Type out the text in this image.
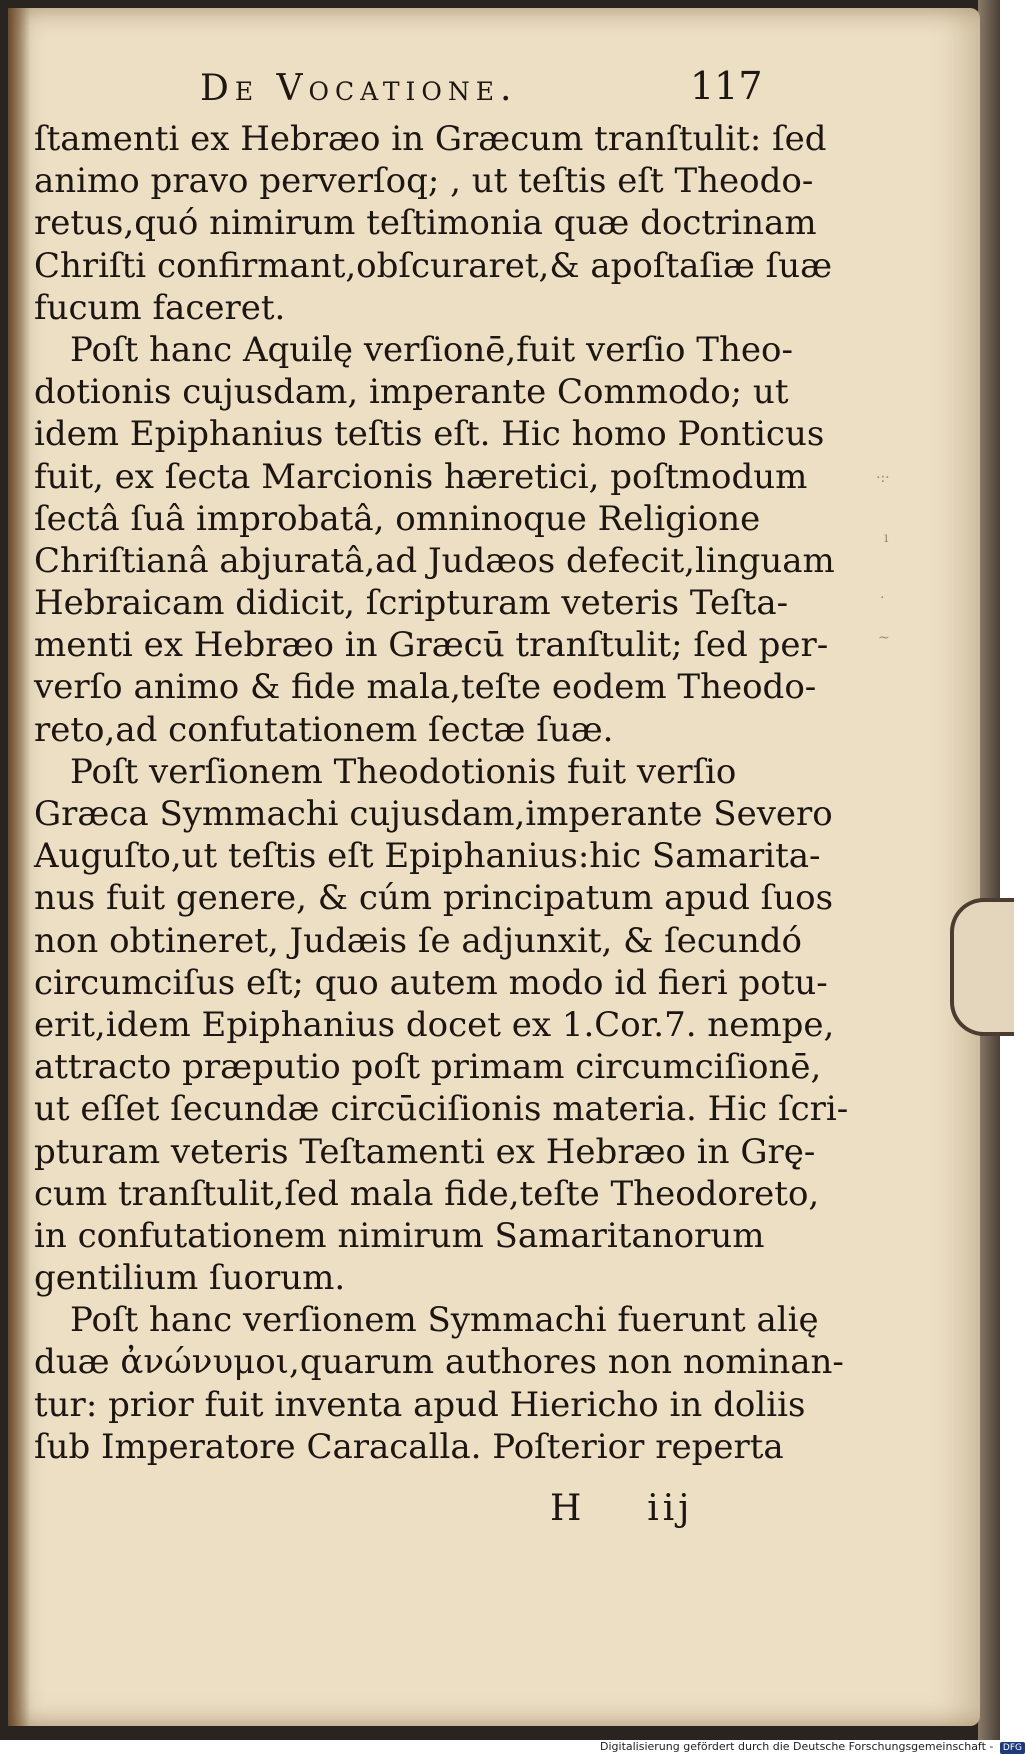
·:·
ı
·
~
De Vocatione.	117
ſtamenti ex Hebræo in Græcum tranſtulit: ſed
animo pravo perverſoq; , ut teſtis eſt Theodo-
retus,quó nimirum teſtimonia quæ doctrinam
Chriſti confirmant,obſcuraret,& apoſtaſiæ ſuæ
fucum faceret.
Poſt hanc Aquilę verſionē,fuit verſio Theo-
dotionis cujusdam, imperante Commodo; ut
idem Epiphanius teſtis eſt. Hic homo Ponticus
fuit, ex ſecta Marcionis hæretici, poſtmodum
ſectâ ſuâ improbatâ, omninoque Religione
Chriſtianâ abjuratâ,ad Judæos defecit,linguam
Hebraicam didicit, ſcripturam veteris Teſta-
menti ex Hebræo in Græcū tranſtulit; ſed per-
verſo animo & fide mala,teſte eodem Theodo-
reto,ad confutationem ſectæ ſuæ.
Poſt verſionem Theodotionis fuit verſio
Græca Symmachi cujusdam,imperante Severo
Auguſto,ut teſtis eſt Epiphanius:hic Samarita-
nus fuit genere, & cúm principatum apud ſuos
non obtineret, Judæis ſe adjunxit, & ſecundó
circumciſus eſt; quo autem modo id fieri potu-
erit,idem Epiphanius docet ex 1.Cor.7. nempe,
attracto præputio poſt primam circumciſionē,
ut eſſet ſecundæ circūciſionis materia. Hic ſcri-
pturam veteris Teſtamenti ex Hebræo in Grę̨-
cum tranſtulit,ſed mala fide,teſte Theodoreto,
in confutationem nimirum Samaritanorum
gentilium ſuorum.
Poſt hanc verſionem Symmachi fuerunt alię
duæ ἀνώνυμοι,quarum authores non nominan-
tur: prior fuit inventa apud Hiericho in doliis
ſub Imperatore Caracalla. Poſterior reperta
H iij
Digitalisierung gefördert durch die Deutsche Forschungsgemeinschaft - DFG
